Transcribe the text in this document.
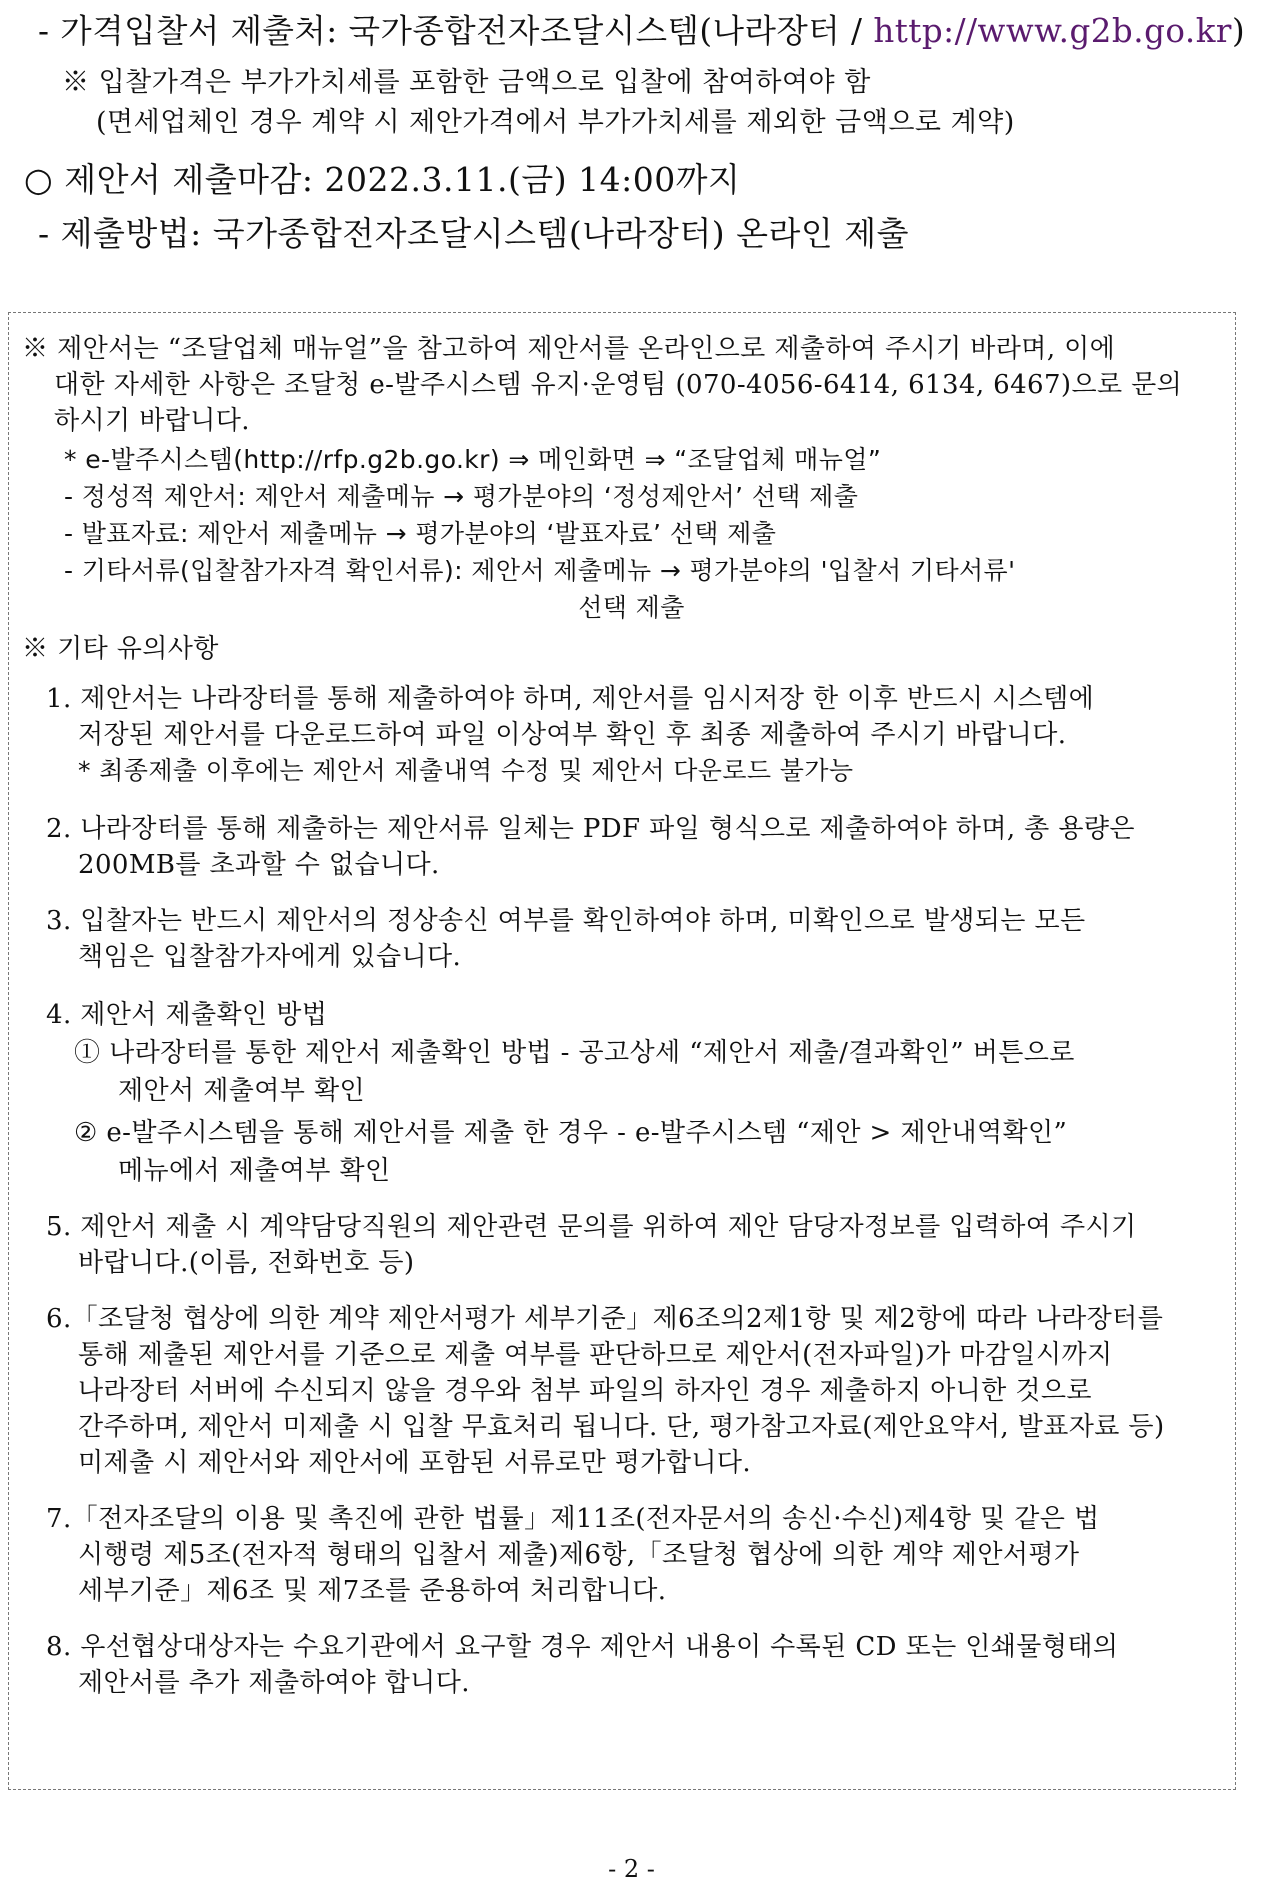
- 가격입찰서 제출처: 국가종합전자조달시스템(나라장터 / http://www.g2b.go.kr)
※ 입찰가격은 부가가치세를 포함한 금액으로 입찰에 참여하여야 함
(면세업체인 경우 계약 시 제안가격에서 부가가치세를 제외한 금액으로 계약)
○ 제안서 제출마감: 2022.3.11.(금) 14:00까지
- 제출방법: 국가종합전자조달시스템(나라장터) 온라인 제출
※ 제안서는 “조달업체 매뉴얼”을 참고하여 제안서를 온라인으로 제출하여 주시기 바라며, 이에
대한 자세한 사항은 조달청 e-발주시스템 유지·운영팀 (070-4056-6414, 6134, 6467)으로 문의
하시기 바랍니다.
* e-발주시스템(http://rfp.g2b.go.kr) ⇒ 메인화면 ⇒ “조달업체 매뉴얼”
- 정성적 제안서: 제안서 제출메뉴 → 평가분야의 ‘정성제안서’ 선택 제출
- 발표자료: 제안서 제출메뉴 → 평가분야의 ‘발표자료’ 선택 제출
- 기타서류(입찰참가자격 확인서류): 제안서 제출메뉴 → 평가분야의 '입찰서 기타서류'
선택 제출
※ 기타 유의사항
1. 제안서는 나라장터를 통해 제출하여야 하며, 제안서를 임시저장 한 이후 반드시 시스템에
저장된 제안서를 다운로드하여 파일 이상여부 확인 후 최종 제출하여 주시기 바랍니다.
* 최종제출 이후에는 제안서 제출내역 수정 및 제안서 다운로드 불가능
2. 나라장터를 통해 제출하는 제안서류 일체는 PDF 파일 형식으로 제출하여야 하며, 총 용량은
200MB를 초과할 수 없습니다.
3. 입찰자는 반드시 제안서의 정상송신 여부를 확인하여야 하며, 미확인으로 발생되는 모든
책임은 입찰참가자에게 있습니다.
4. 제안서 제출확인 방법
① 나라장터를 통한 제안서 제출확인 방법 - 공고상세 “제안서 제출/결과확인” 버튼으로
제안서 제출여부 확인
② e-발주시스템을 통해 제안서를 제출 한 경우 - e-발주시스템 “제안 > 제안내역확인”
메뉴에서 제출여부 확인
5. 제안서 제출 시 계약담당직원의 제안관련 문의를 위하여 제안 담당자정보를 입력하여 주시기
바랍니다.(이름, 전화번호 등)
6.「조달청 협상에 의한 계약 제안서평가 세부기준」제6조의2제1항 및 제2항에 따라 나라장터를
통해 제출된 제안서를 기준으로 제출 여부를 판단하므로 제안서(전자파일)가 마감일시까지
나라장터 서버에 수신되지 않을 경우와 첨부 파일의 하자인 경우 제출하지 아니한 것으로
간주하며, 제안서 미제출 시 입찰 무효처리 됩니다. 단, 평가참고자료(제안요약서, 발표자료 등)
미제출 시 제안서와 제안서에 포함된 서류로만 평가합니다.
7.「전자조달의 이용 및 촉진에 관한 법률」제11조(전자문서의 송신·수신)제4항 및 같은 법
시행령 제5조(전자적 형태의 입찰서 제출)제6항,「조달청 협상에 의한 계약 제안서평가
세부기준」제6조 및 제7조를 준용하여 처리합니다.
8. 우선협상대상자는 수요기관에서 요구할 경우 제안서 내용이 수록된 CD 또는 인쇄물형태의
제안서를 추가 제출하여야 합니다.
- 2 -
